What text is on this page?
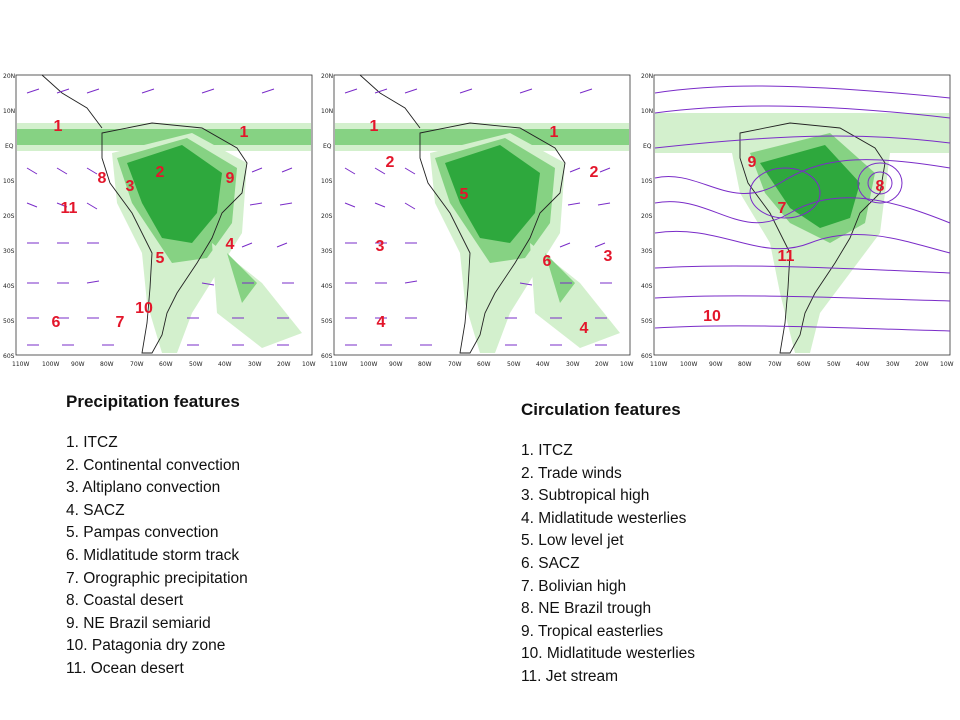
20N
10N
EQ
10S
20S
30S
40S
50S
60S
110W 100W 90W	80W	70W	60W	50W	40W	30W	20W 10W
1	1
2
3
8	9
11
4
5
10
6	7
20N
10N
EQ
10S
20S
30S
40S
50S
60S
110W 100W 90W	80W	70W	60W	50W	40W	30W	20W 10W
1	1
2
2
5
3
3
6
4	4
20N
10N
EQ
10S
20S
30S
40S
50S
60S
110W 100W 90W	80W	70W	60W	50W	40W	30W	20W 10W
9
8
7
11
10
Precipitation features
1. ITCZ
2. Continental convection
3. Altiplano convection
4. SACZ
5. Pampas convection
6. Midlatitude storm track
7. Orographic precipitation
8. Coastal desert
9. NE Brazil semiarid
10. Patagonia dry zone
11. Ocean desert
Circulation features
1. ITCZ
2. Trade winds
3. Subtropical high
4. Midlatitude westerlies
5. Low level jet
6. SACZ
7. Bolivian high
8. NE Brazil trough
9. Tropical easterlies
10. Midlatitude westerlies
11. Jet stream
